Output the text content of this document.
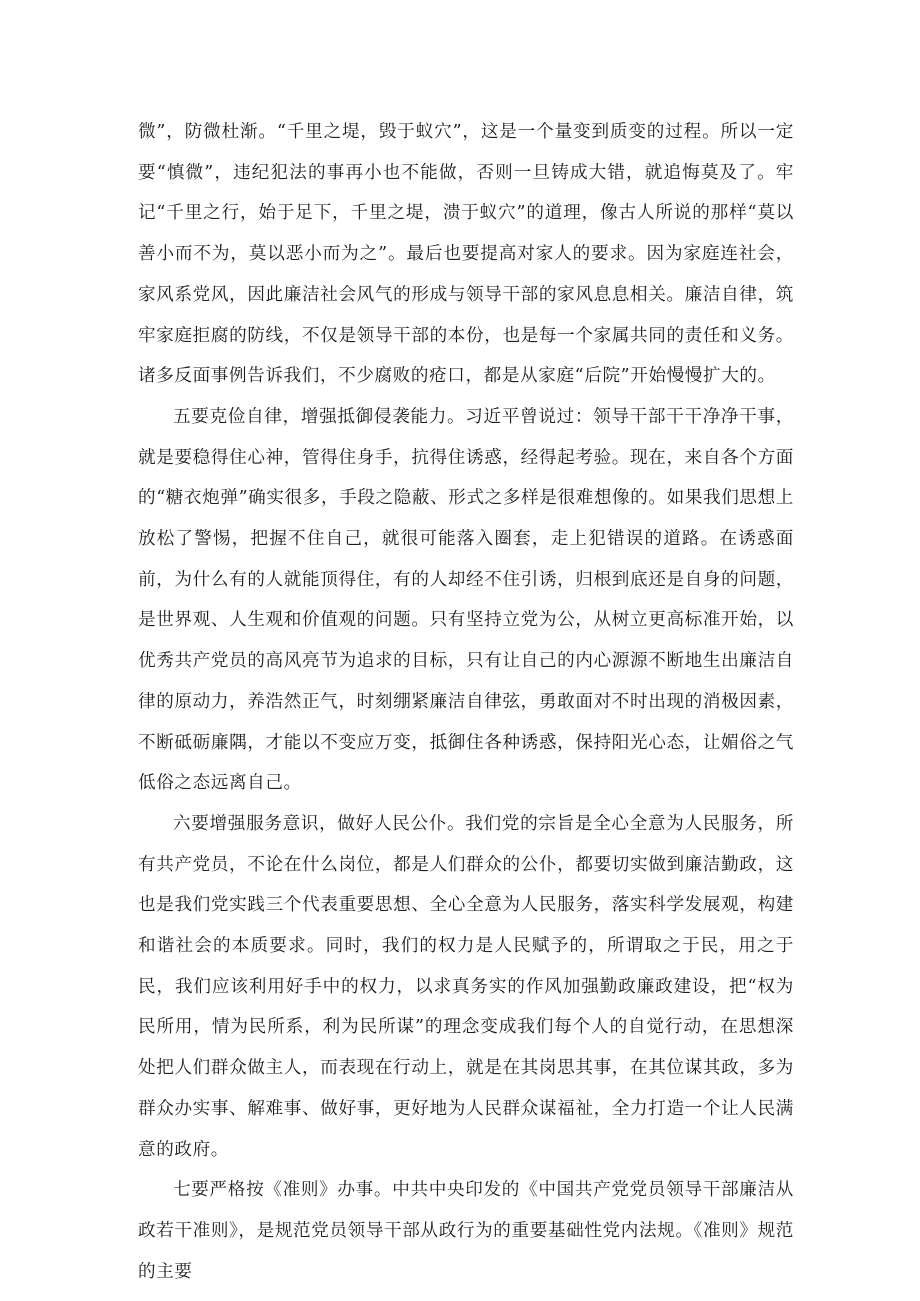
微”，防微杜渐。“千里之堤，毁于蚁穴”，这是一个量变到质变的过程。所以一定要“慎微”，违纪犯法的事再小也不能做，否则一旦铸成大错，就追悔莫及了。牢记“千里之行，始于足下，千里之堤，溃于蚁穴”的道理，像古人所说的那样“莫以善小而不为，莫以恶小而为之”。最后也要提高对家人的要求。因为家庭连社会，家风系党风，因此廉洁社会风气的形成与领导干部的家风息息相关。廉洁自律，筑牢家庭拒腐的防线，不仅是领导干部的本份，也是每一个家属共同的责任和义务。诸多反面事例告诉我们，不少腐败的疮口，都是从家庭“后院”开始慢慢扩大的。

五要克俭自律，增强抵御侵袭能力。习近平曾说过：领导干部干干净净干事，就是要稳得住心神，管得住身手，抗得住诱惑，经得起考验。现在，来自各个方面的“糖衣炮弹”确实很多，手段之隐蔽、形式之多样是很难想像的。如果我们思想上放松了警惕，把握不住自己，就很可能落入圈套，走上犯错误的道路。在诱惑面前，为什么有的人就能顶得住，有的人却经不住引诱，归根到底还是自身的问题，是世界观、人生观和价值观的问题。只有坚持立党为公，从树立更高标准开始，以优秀共产党员的高风亮节为追求的目标，只有让自己的内心源源不断地生出廉洁自律的原动力，养浩然正气，时刻绷紧廉洁自律弦，勇敢面对不时出现的消极因素，不断砥砺廉隅，才能以不变应万变，抵御住各种诱惑，保持阳光心态，让媚俗之气低俗之态远离自己。

六要增强服务意识，做好人民公仆。我们党的宗旨是全心全意为人民服务，所有共产党员，不论在什么岗位，都是人们群众的公仆，都要切实做到廉洁勤政，这也是我们党实践三个代表重要思想、全心全意为人民服务，落实科学发展观，构建和谐社会的本质要求。同时，我们的权力是人民赋予的，所谓取之于民，用之于民，我们应该利用好手中的权力，以求真务实的作风加强勤政廉政建设，把“权为民所用，情为民所系，利为民所谋”的理念变成我们每个人的自觉行动，在思想深处把人们群众做主人，而表现在行动上，就是在其岗思其事，在其位谋其政，多为群众办实事、解难事、做好事，更好地为人民群众谋福祉，全力打造一个让人民满意的政府。

七要严格按《准则》办事。中共中央印发的《中国共产党党员领导干部廉洁从政若干准则》，是规范党员领导干部从政行为的重要基础性党内法规。《准则》规范的主要
